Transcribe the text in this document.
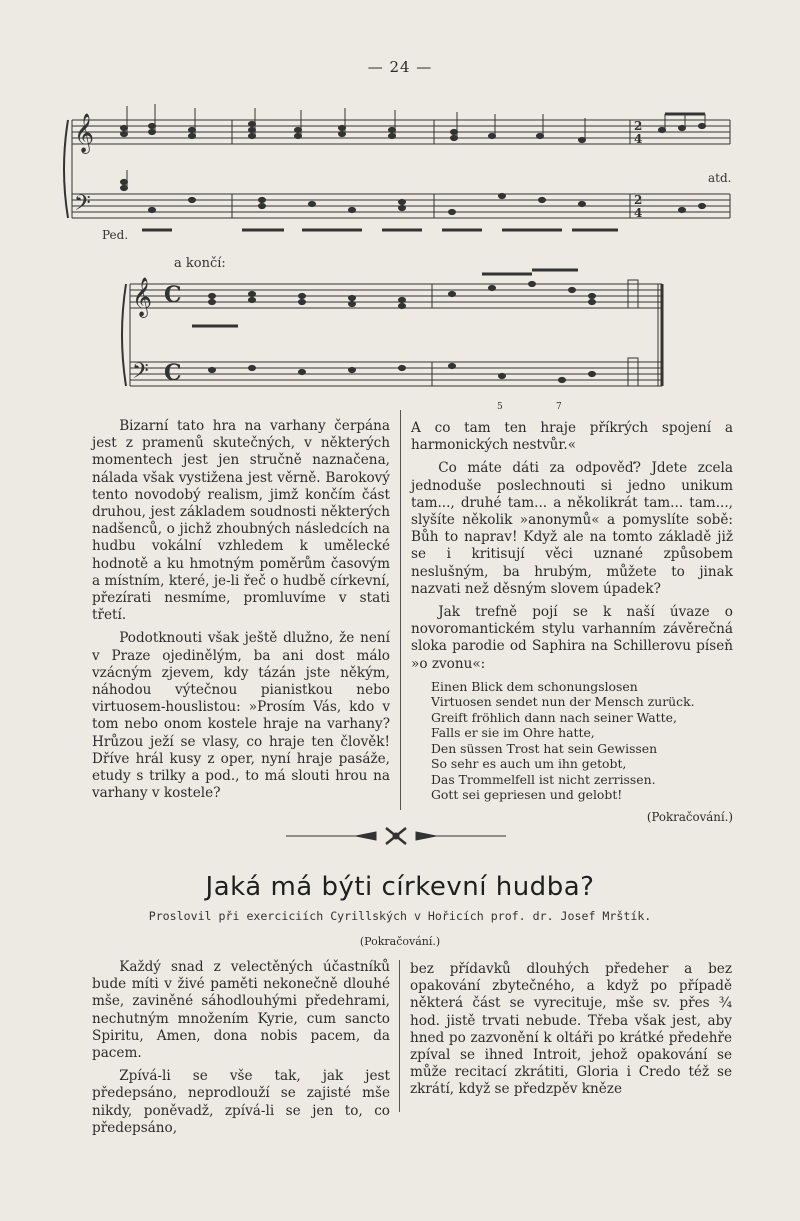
— 24 —
𝄞
𝄢
𝄞
𝄢
C
C
2
4
2
4
Ped.
atd.
a končí:
5	7

Bizarní tato hra na varhany čerpána jest z pramenů skutečných, v některých momentech jest jen stručně naznačena, nálada však vystižena jest věrně. Barokový tento novodobý realism, jimž končím část druhou, jest základem soudnosti některých nadšenců, o jichž zhoubných následcích na hudbu vokální vzhledem k umělecké hodnotě a ku hmotným poměrům časovým a místním, které, je-li řeč o hudbě církevní, přezírati nesmíme, promluvíme v stati třetí.

Podotknouti však ještě dlužno, že není v Praze ojedinělým, ba ani dost málo vzácným zjevem, kdy tázán jste někým, náhodou výtečnou pianistkou nebo virtuosem-houslistou: »Prosím Vás, kdo v tom nebo onom kostele hraje na varhany? Hrůzou ježí se vlasy, co hraje ten člověk! Dříve hrál kusy z oper, nyní hraje pasáže, etudy s trilky a pod., to má slouti hrou na varhany v kostele?

A co tam ten hraje příkrých spojení a harmonických nestvůr.«

Co máte dáti za odpověď? Jdete zcela jednoduše poslechnouti si jedno unikum tam..., druhé tam... a několikrát tam... tam..., slyšíte několik »anonymů« a pomyslíte sobě: Bůh to naprav! Když ale na tomto základě již se i kritisují věci uznané způsobem neslušným, ba hrubým, můžete to jinak nazvati než děsným slovem úpadek?

Jak trefně pojí se k naší úvaze o novoromantickém stylu varhanním závěrečná sloka parodie od Saphira na Schillerovu píseň »o zvonu«:

Einen Blick dem schonungslosen
Virtuosen sendet nun der Mensch zurück.
Greift fröhlich dann nach seiner Watte,
Falls er sie im Ohre hatte,
Den süssen Trost hat sein Gewissen
So sehr es auch um ihn getobt,
Das Trommelfell ist nicht zerrissen.
Gott sei gepriesen und gelobt!
(Pokračování.)
Jaká má býti církevní hudba?
Proslovil při exerciciích Cyrillských v Hořicích prof. dr. Josef Mrštík.
(Pokračování.)

Každý snad z velectěných účastníků bude míti v živé paměti nekonečně dlouhé mše, zaviněné sáhodlouhými předehrami, nechutným množením Kyrie, cum sancto Spiritu, Amen, dona nobis pacem, da pacem.

Zpívá-li se vše tak, jak jest předepsáno, neprodlouží se zajisté mše nikdy, poněvadž, zpívá-li se jen to, co předepsáno,

bez přídavků dlouhých předeher a bez opakování zbytečného, a když po případě některá část se vyrecituje, mše sv. přes ¾ hod. jistě trvati nebude. Třeba však jest, aby hned po zazvonění k oltáři po krátké předehře zpíval se ihned Introit, jehož opakování se může recitací zkrátiti, Gloria i Credo též se zkrátí, když se předzpěv kněze
